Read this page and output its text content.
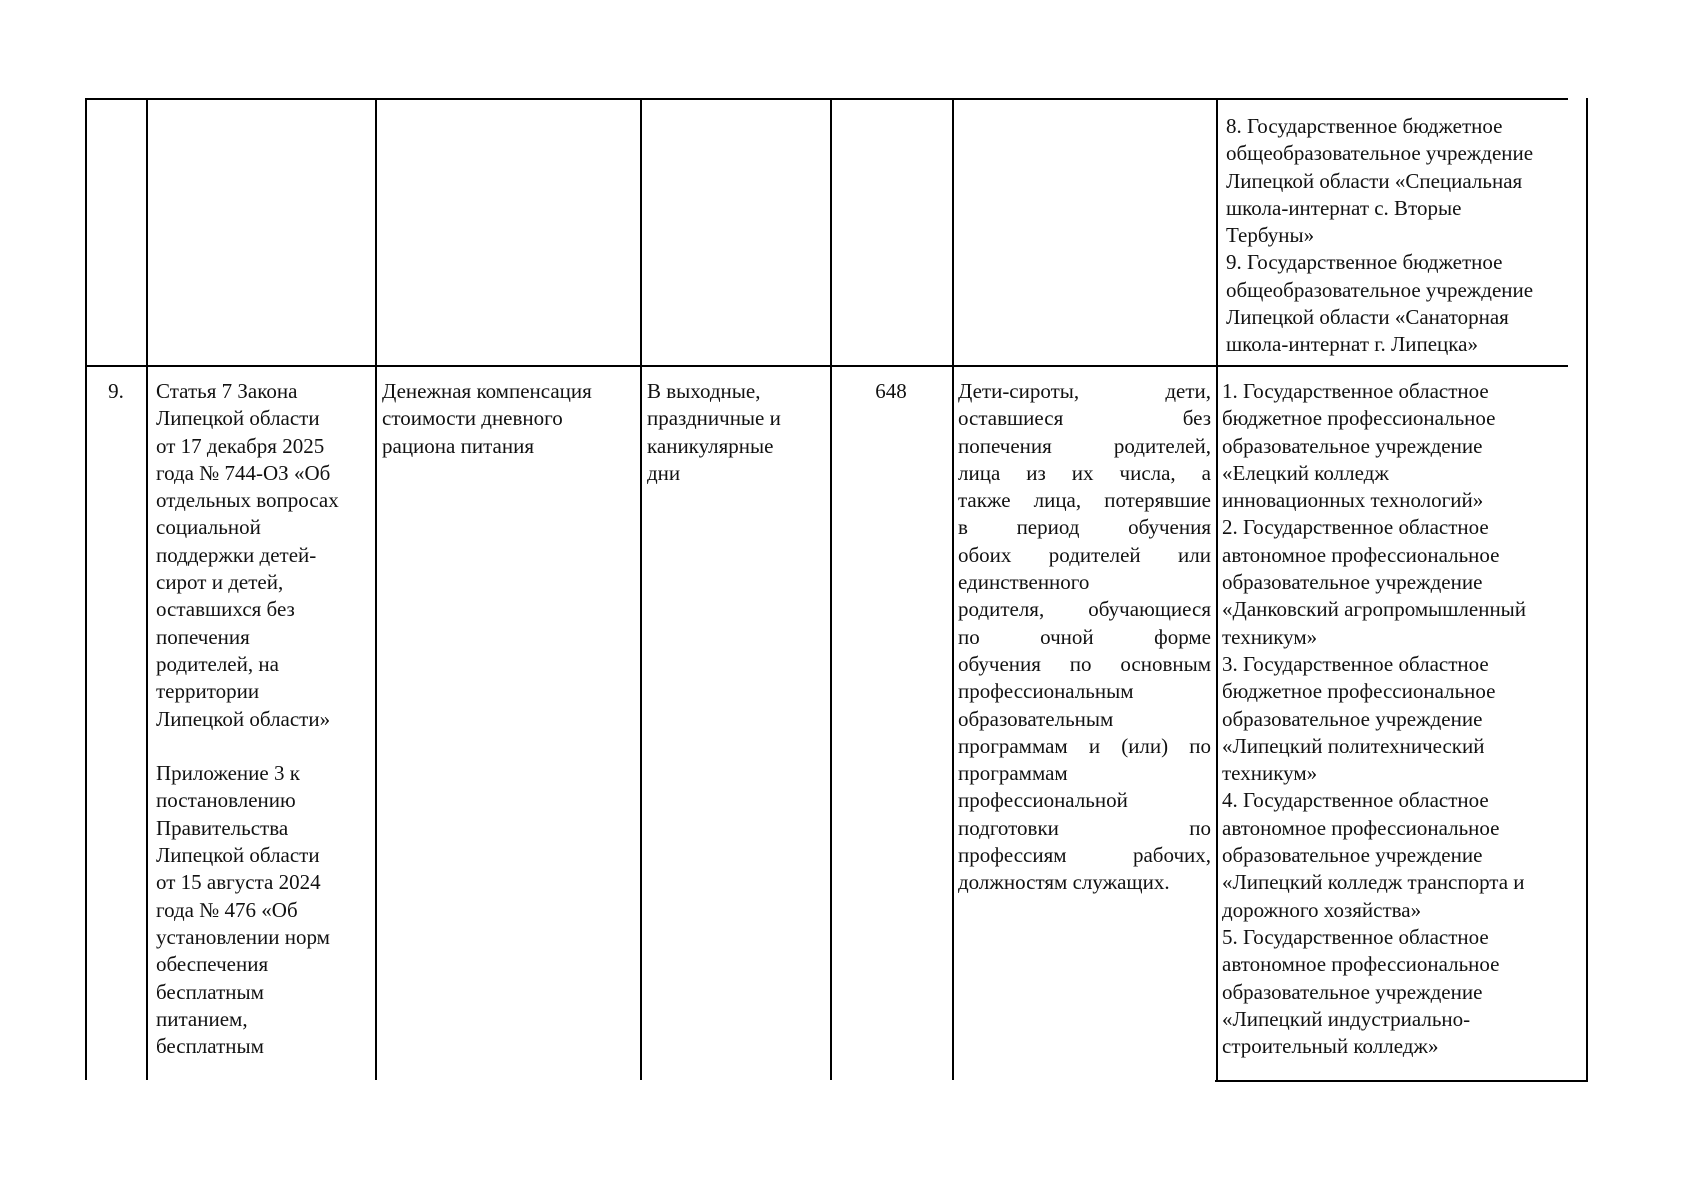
8. Государственное бюджетное
общеобразовательное учреждение
Липецкой области «Специальная
школа-интернат с. Вторые
Тербуны»
9. Государственное бюджетное
общеобразовательное учреждение
Липецкой области «Санаторная
школа-интернат г. Липецка»
9.	Статья 7 Закона
Липецкой области
от 17 декабря 2025
года № 744-ОЗ «Об
отдельных вопросах
социальной
поддержки детей-
сирот и детей,
оставшихся без
попечения
родителей, на
территории
Липецкой области»
Приложение 3 к
постановлению
Правительства
Липецкой области
от 15 августа 2024
года № 476 «Об
установлении норм
обеспечения
бесплатным
питанием,
бесплатным
Денежная компенсация
стоимости дневного
рациона питания
В выходные,
праздничные и
каникулярные
дни
648	Дети-сироты, дети,
оставшиеся без
попечения родителей,
лица из их числа, а
также лица, потерявшие
в период обучения
обоих родителей или
единственного
родителя, обучающиеся
по очной форме
обучения по основным
профессиональным
образовательным
программам и (или) по
программам
профессиональной
подготовки по
профессиям рабочих,
должностям служащих.
1. Государственное областное
бюджетное профессиональное
образовательное учреждение
«Елецкий колледж
инновационных технологий»
2. Государственное областное
автономное профессиональное
образовательное учреждение
«Данковский агропромышленный
техникум»
3. Государственное областное
бюджетное профессиональное
образовательное учреждение
«Липецкий политехнический
техникум»
4. Государственное областное
автономное профессиональное
образовательное учреждение
«Липецкий колледж транспорта и
дорожного хозяйства»
5. Государственное областное
автономное профессиональное
образовательное учреждение
«Липецкий индустриально-
строительный колледж»
